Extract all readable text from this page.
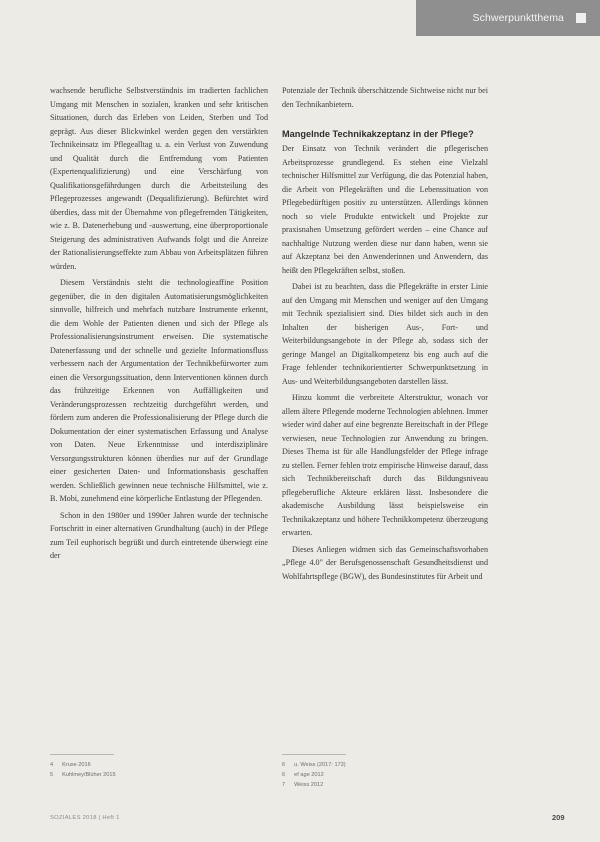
Schwerpunktthema

wachsende berufliche Selbstverständnis im tradierten fachlichen Umgang mit Menschen in sozialen, kranken und sehr kritischen Situationen, durch das Erleben von Leiden, Sterben und Tod geprägt. Aus dieser Blickwinkel werden gegen den verstärkten Technikeinsatz im Pflegealltag u. a. ein Verlust von Zuwendung und Qualität durch die Entfremdung vom Patienten (Expertenqualifizierung) und eine Verschärfung von Qualifikationsgefährdungen durch die Arbeitsteilung des Pflegeprozesses angewandt (Dequalifizierung). Befürchtet wird überdies, dass mit der Übernahme von pflegefremden Tätigkeiten, wie z. B. Datenerhebung und -auswertung, eine überproportionale Steigerung des administrativen Aufwands folgt und die Anreize der Rationalisierungseffekte zum Abbau von Arbeitsplätzen führen würden.

Diesem Verständnis steht die technologieaffine Position gegenüber, die in den digitalen Automatisierungsmöglichkeiten sinnvolle, hilfreich und mehrfach nutzbare Instrumente erkennt, die dem Wohle der Patienten dienen und sich der Pflege als Professionalisierungsinstrument erweisen. Die systematische Datenerfassung und der schnelle und gezielte Informationsfluss verbessern nach der Argumentation der Technikbefürworter zum einen die Versorgungssituation, denn Interventionen können durch das frühzeitige Erkennen von Auffälligkeiten und Veränderungsprozessen rechtzeitig durchgeführt werden, und fördern zum anderen die Professionalisierung der Pflege durch die Dokumentation der einer systematischen Erfassung und Analyse von Daten. Neue Erkenntnisse und interdisziplinäre Versorgungsstrukturen können überdies nur auf der Grundlage einer gesicherten Daten- und Informationsbasis geschaffen werden. Schließlich gewinnen neue technische Hilfsmittel, wie z. B. Mobi, zunehmend eine körperliche Entlastung der Pflegenden.

Schon in den 1980er und 1990er Jahren wurde der technische Fortschritt in einer alternativen Grundhaltung (auch) in der Pflege zum Teil euphorisch begrüßt und durch eintretende überwiegt eine der

Potenziale der Technik überschätzende Sichtweise nicht nur bei den Technikanbietern.

Mangelnde Technikakzeptanz in der Pflege?

Der Einsatz von Technik verändert die pflegerischen Arbeitsprozesse grundlegend. Es stehen eine Vielzahl technischer Hilfsmittel zur Verfügung, die das Potenzial haben, die Arbeit von Pflegekräften und die Lebenssituation von Pflegebedürftigen positiv zu unterstützen. Allerdings können noch so viele Produkte entwickelt und Projekte zur praxisnahen Umsetzung gefördert werden – eine Chance auf nachhaltige Nutzung werden diese nur dann haben, wenn sie auf Akzeptanz bei den Anwenderinnen und Anwendern, das heißt den Pflegekräften selbst, stoßen.

Dabei ist zu beachten, dass die Pflegekräfte in erster Linie auf den Umgang mit Menschen und weniger auf den Umgang mit Technik spezialisiert sind. Dies bildet sich auch in den Inhalten der bisherigen Aus-, Fort- und Weiterbildungsangebote in der Pflege ab, sodass sich der geringe Mangel an Digitalkompetenz bis eng auch auf die Frage fehlender technikorientierter Schwerpunktsetzung in Aus- und Weiterbildungsangeboten darstellen lässt.

Hinzu kommt die verbreitete Alterstruktur, wonach vor allem ältere Pflegende moderne Technologien ablehnen. Immer wieder wird daher auf eine begrenzte Bereitschaft in der Pflege verwiesen, neue Technologien zur Anwendung zu bringen. Dieses Thema ist für alle Handlungsfelder der Pflege infrage zu stellen. Ferner fehlen trotz empirische Hinweise darauf, dass sich Technikbereitschaft durch das Bildungsniveau pflegeberufliche Akteure erklären lässt. Insbesondere die akademische Ausbildung lässt beispielsweise ein Technikakzeptanz und höhere Technikkompetenz überzeugung erwarten.

Dieses Anliegen widmen sich das Gemeinschaftsvorhaben „Pflege 4.0" der Berufsgenossenschaft Gesundheitsdienst und Wohlfahrtspflege (BGW), des Bundesinstitutes für Arbeit und

4 Kruse 2016
5 Kuhlmey/Blüher 2015
6 u. Weiss (2017: 173)
6 ef age 2012
7 Weiss 2012
SOZIALES 2018 | Heft 1	209
